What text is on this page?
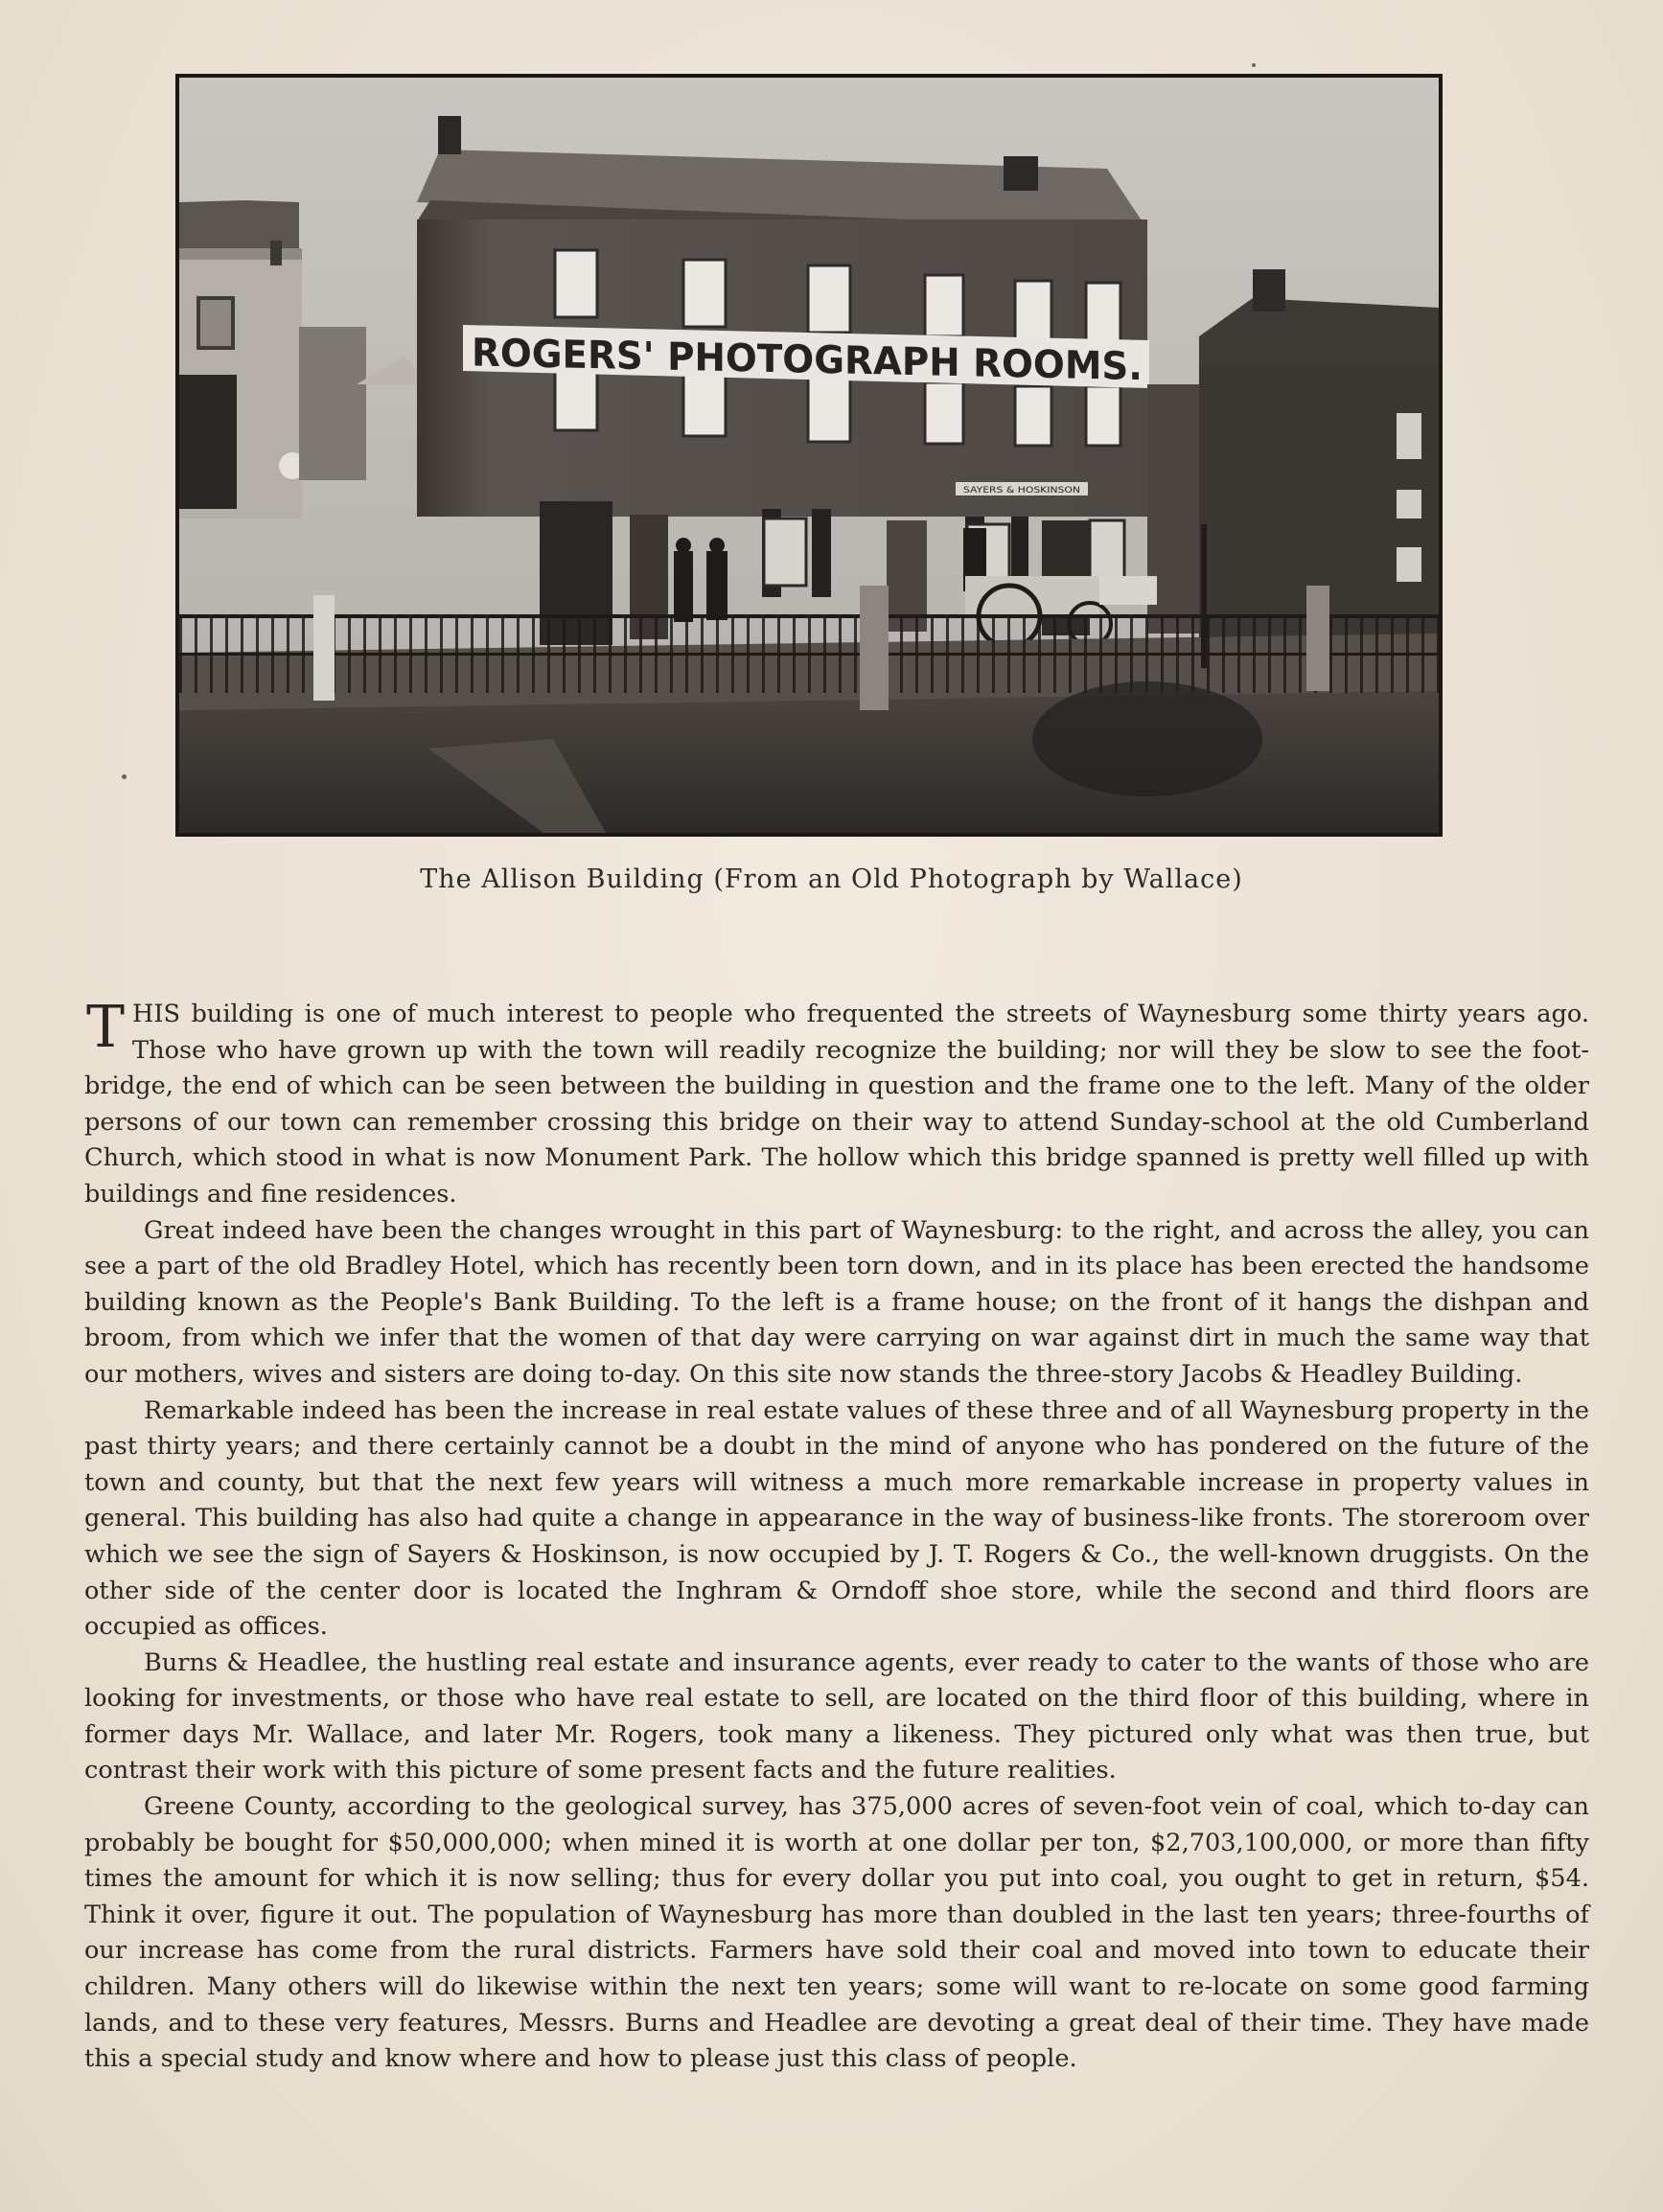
ROGERS' PHOTOGRAPH ROOMS.
SAYERS & HOSKINSON
The Allison Building (From an Old Photograph by Wallace)

THIS building is one of much interest to people who frequented the streets of Waynesburg some thirty years ago. Those who have grown up with the town will readily recognize the building; nor will they be slow to see the foot-bridge, the end of which can be seen between the building in question and the frame one to the left. Many of the older persons of our town can remember crossing this bridge on their way to attend Sunday-school at the old Cumberland Church, which stood in what is now Monument Park. The hollow which this bridge spanned is pretty well filled up with buildings and fine residences.

Great indeed have been the changes wrought in this part of Waynesburg: to the right, and across the alley, you can see a part of the old Bradley Hotel, which has recently been torn down, and in its place has been erected the handsome building known as the People's Bank Building. To the left is a frame house; on the front of it hangs the dishpan and broom, from which we infer that the women of that day were carrying on war against dirt in much the same way that our mothers, wives and sisters are doing to-day. On this site now stands the three-story Jacobs & Headley Building.

Remarkable indeed has been the increase in real estate values of these three and of all Waynesburg property in the past thirty years; and there certainly cannot be a doubt in the mind of anyone who has pondered on the future of the town and county, but that the next few years will witness a much more remarkable increase in property values in general. This building has also had quite a change in appearance in the way of business-like fronts. The storeroom over which we see the sign of Sayers & Hoskinson, is now occupied by J. T. Rogers & Co., the well-known druggists. On the other side of the center door is located the Inghram & Orndoff shoe store, while the second and third floors are occupied as offices.

Burns & Headlee, the hustling real estate and insurance agents, ever ready to cater to the wants of those who are looking for investments, or those who have real estate to sell, are located on the third floor of this building, where in former days Mr. Wallace, and later Mr. Rogers, took many a likeness. They pictured only what was then true, but contrast their work with this picture of some present facts and the future realities.

Greene County, according to the geological survey, has 375,000 acres of seven-foot vein of coal, which to-day can probably be bought for $50,000,000; when mined it is worth at one dollar per ton, $2,703,100,000, or more than fifty times the amount for which it is now selling; thus for every dollar you put into coal, you ought to get in return, $54. Think it over, figure it out. The population of Waynesburg has more than doubled in the last ten years; three-fourths of our increase has come from the rural districts. Farmers have sold their coal and moved into town to educate their children. Many others will do likewise within the next ten years; some will want to re-locate on some good farming lands, and to these very features, Messrs. Burns and Headlee are devoting a great deal of their time. They have made this a special study and know where and how to please just this class of people.
